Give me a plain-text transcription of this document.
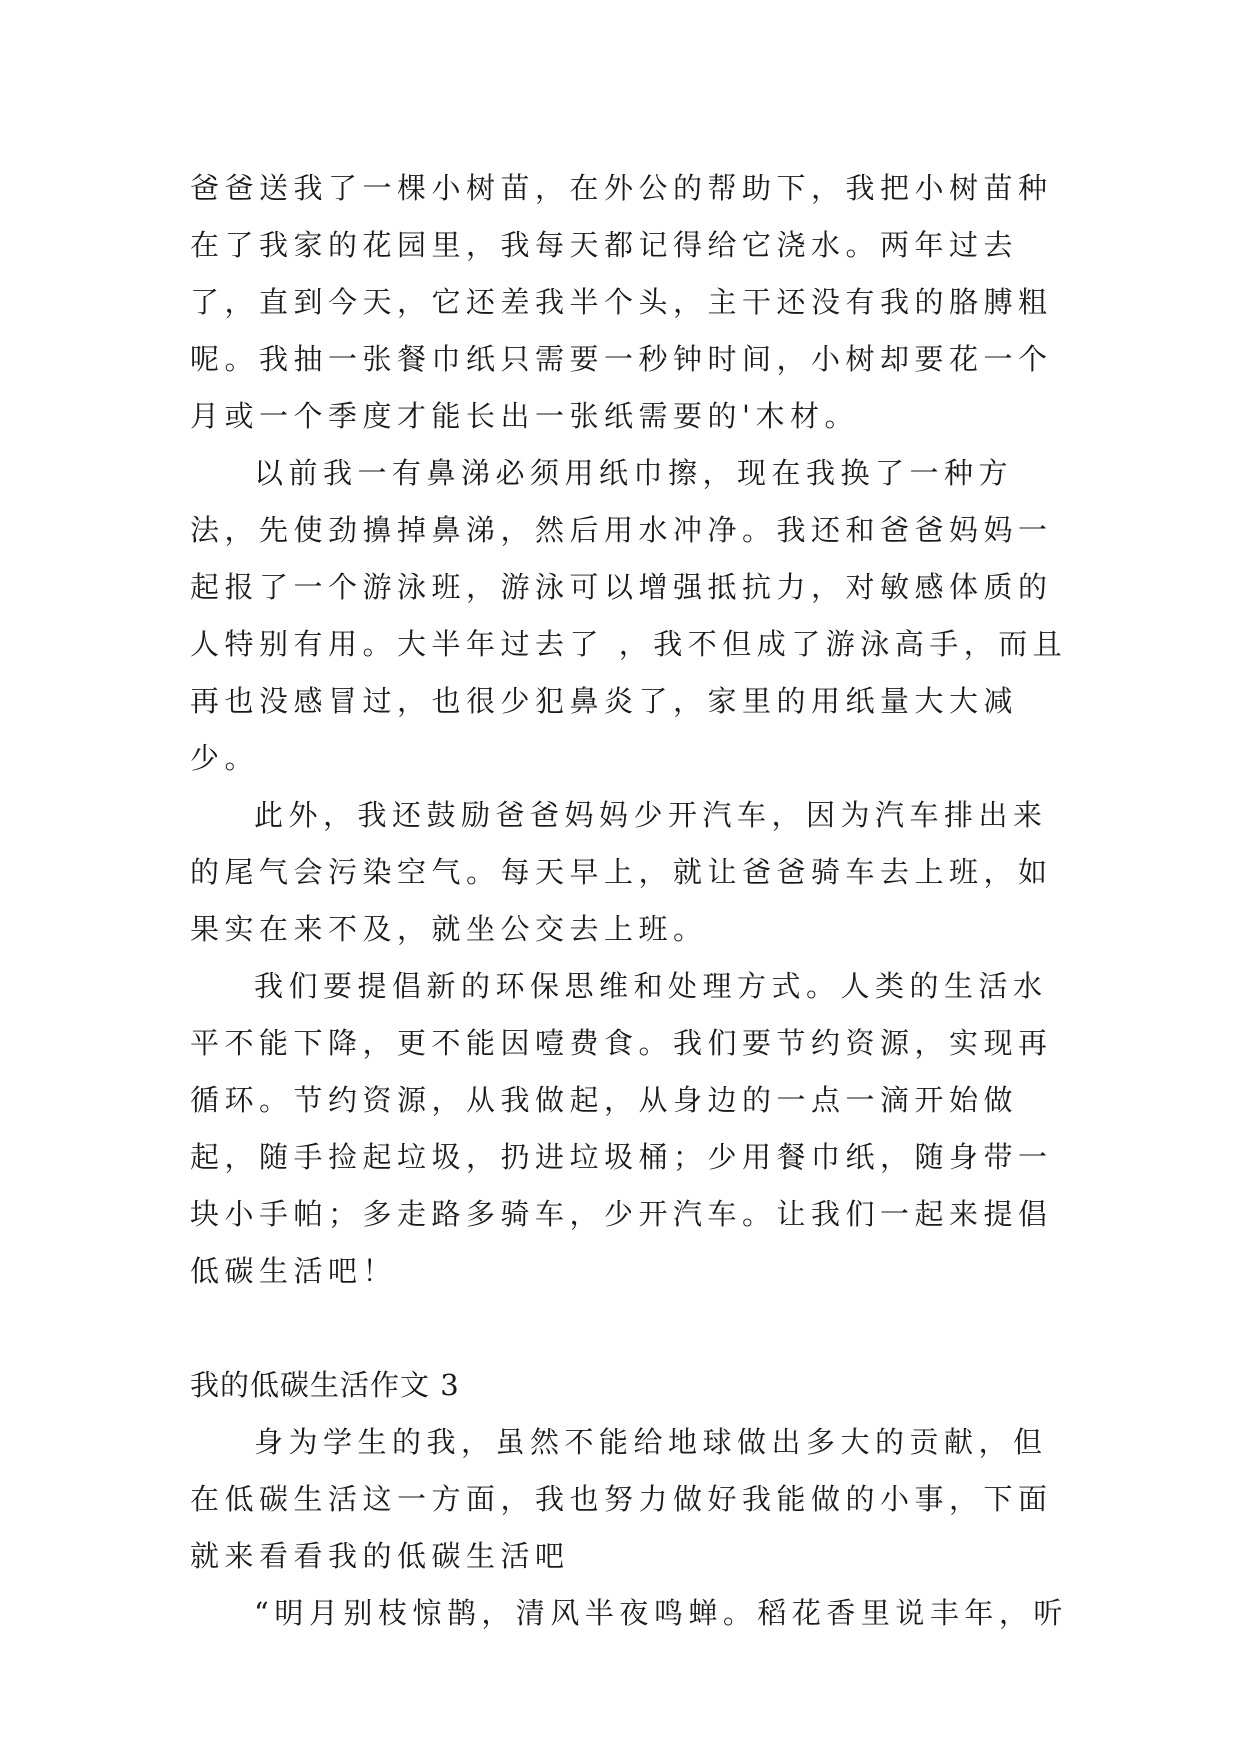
爸爸送我了一棵小树苗，在外公的帮助下，我把小树苗种在了我家的花园里，我每天都记得给它浇水。两年过去了，直到今天，它还差我半个头，主干还没有我的胳膊粗呢。我抽一张餐巾纸只需要一秒钟时间，小树却要花一个月或一个季度才能长出一张纸需要的'木材。

以前我一有鼻涕必须用纸巾擦，现在我换了一种方法，先使劲擤掉鼻涕，然后用水冲净。我还和爸爸妈妈一起报了一个游泳班，游泳可以增强抵抗力，对敏感体质的人特别有用。大半年过去了 ，我不但成了游泳高手，而且再也没感冒过，也很少犯鼻炎了，家里的用纸量大大减少。

此外，我还鼓励爸爸妈妈少开汽车，因为汽车排出来的尾气会污染空气。每天早上，就让爸爸骑车去上班，如果实在来不及，就坐公交去上班。

我们要提倡新的环保思维和处理方式。人类的生活水平不能下降，更不能因噎费食。我们要节约资源，实现再循环。节约资源，从我做起，从身边的一点一滴开始做起，随手捡起垃圾，扔进垃圾桶；少用餐巾纸，随身带一块小手帕；多走路多骑车，少开汽车。让我们一起来提倡低碳生活吧！

我的低碳生活作文 3

身为学生的我，虽然不能给地球做出多大的贡献，但在低碳生活这一方面，我也努力做好我能做的小事，下面就来看看我的低碳生活吧

“明月别枝惊鹊，清风半夜鸣蝉。稻花香里说丰年，听
